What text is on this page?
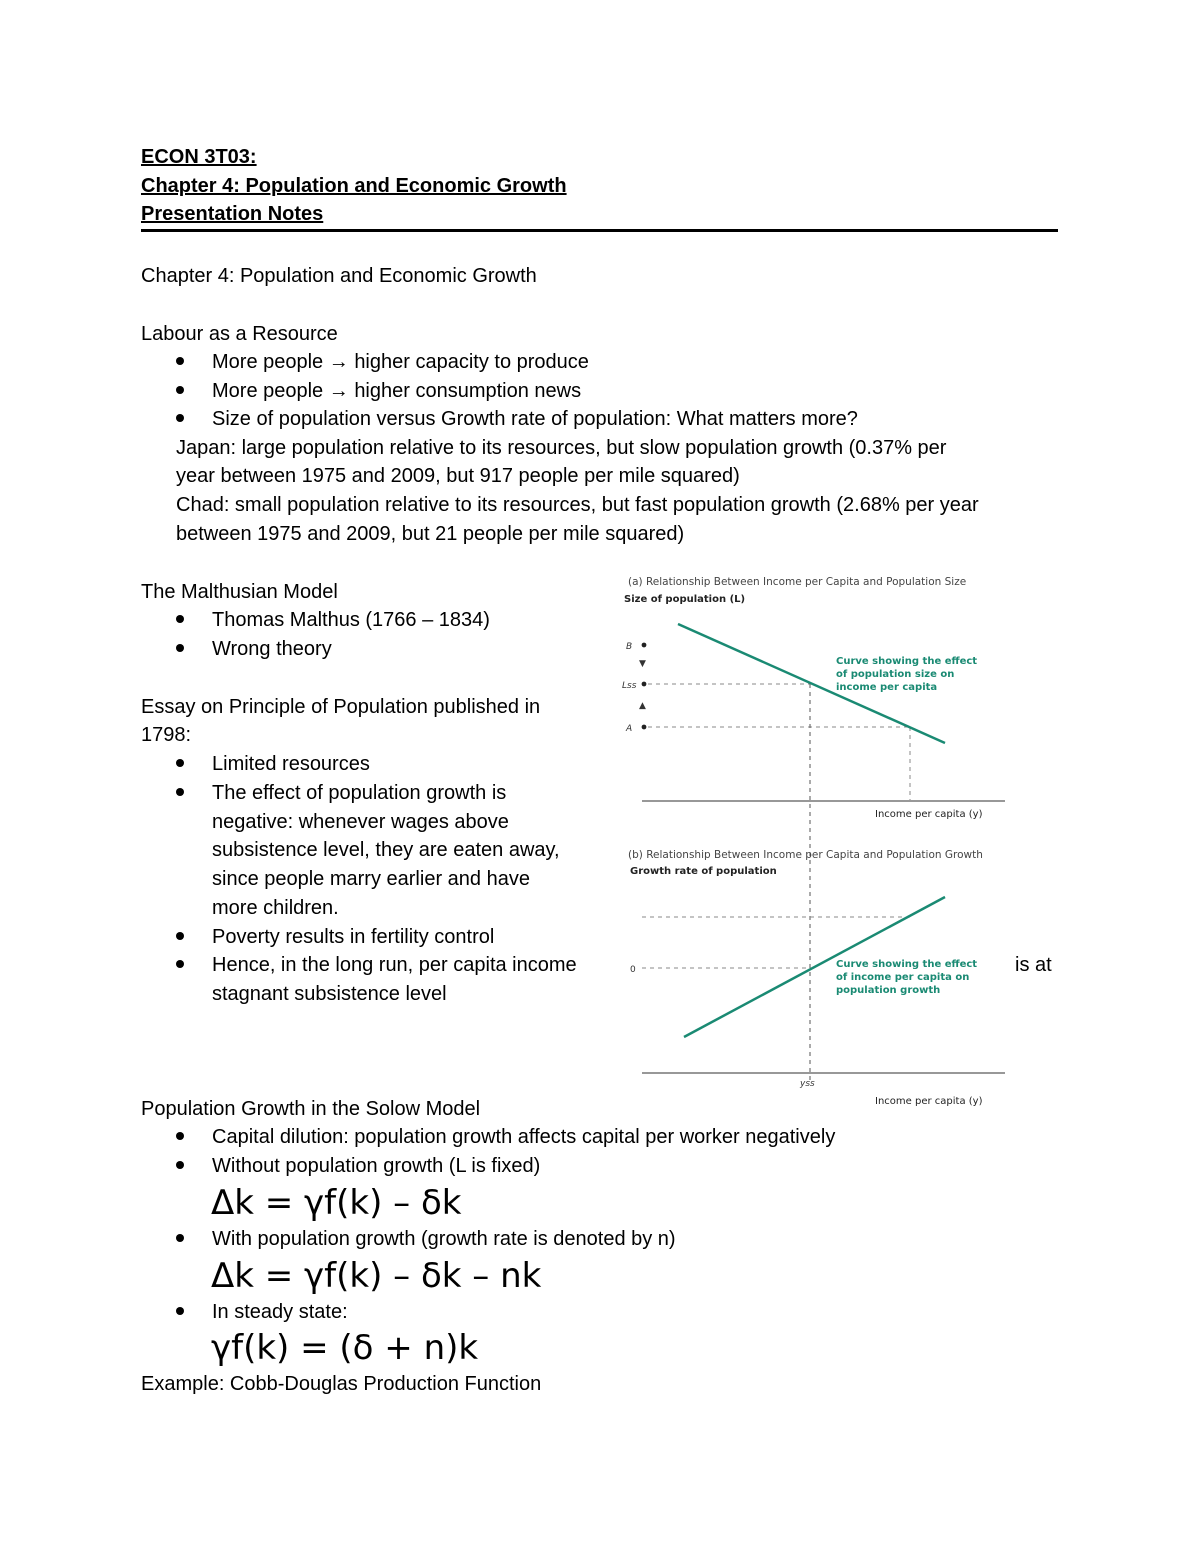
ECON 3T03:
Chapter 4: Population and Economic Growth
Presentation Notes
Chapter 4: Population and Economic Growth
Labour as a Resource
More people → higher capacity to produce
More people → higher consumption news
Size of population versus Growth rate of population: What matters more?
Japan: large population relative to its resources, but slow population growth (0.37% per
year between 1975 and 2009, but 917 people per mile squared)
Chad: small population relative to its resources, but fast population growth (2.68% per year
between 1975 and 2009, but 21 people per mile squared)
The Malthusian Model
Thomas Malthus (1766 – 1834)
Wrong theory
Essay on Principle of Population published in
1798:
Limited resources
The effect of population growth is
negative: whenever wages above
subsistence level, they are eaten away,
since people marry earlier and have
more children.
Poverty results in fertility control
Hence, in the long run, per capita income	is at
stagnant subsistence level
(a) Relationship Between Income per Capita and Population Size
Size of population (L)
B
▼
Lss
▲
A
Curve showing the effect
of population size on
income per capita
Income per capita (y)
(b) Relationship Between Income per Capita and Population Growth
Growth rate of population
0	Curve showing the effect
of income per capita on
population growth
yss
Income per capita (y)
Population Growth in the Solow Model
Capital dilution: population growth affects capital per worker negatively
Without population growth (L is fixed)
Δk = γf(k) – δk
With population growth (growth rate is denoted by n)
Δk = γf(k) – δk – nk
In steady state:
γf(k) = (δ + n)k
Example: Cobb-Douglas Production Function
